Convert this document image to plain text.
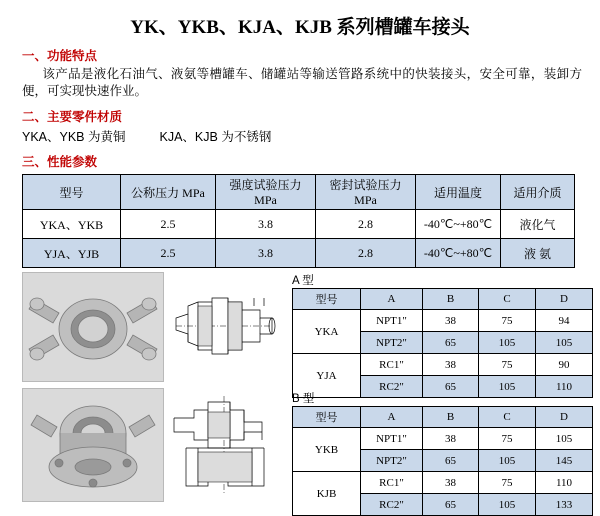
YK、YKB、KJA、KJB 系列槽罐车接头
一、功能特点
该产品是液化石油气、液氨等槽罐车、储罐站等输送管路系统中的快装接头，安全可靠，装卸方便，可实现快速作业。
二、主要零件材质
YKA、YKB 为黄铜	KJA、KJB 为不锈钢
三、性能参数
型号	公称压力 MPa	强度试验压力 MPa	密封试验压力 MPa	适用温度	适用介质
YKA、YKB	2.5	3.8	2.8	-40℃~+80℃	液化气
YJA、YJB	2.5	3.8	2.8	-40℃~+80℃	液 氨
A 型
型号	A	B	C	D
YKA	NPT1"	38	75	94
	NPT2"	65	105	105
YJA	RC1"	38	75	90
	RC2"	65	105	110
B 型
型号	A	B	C	D
YKB	NPT1"	38	75	105
	NPT2"	65	105	145
KJB	RC1"	38	75	110
	RC2"	65	105	133
